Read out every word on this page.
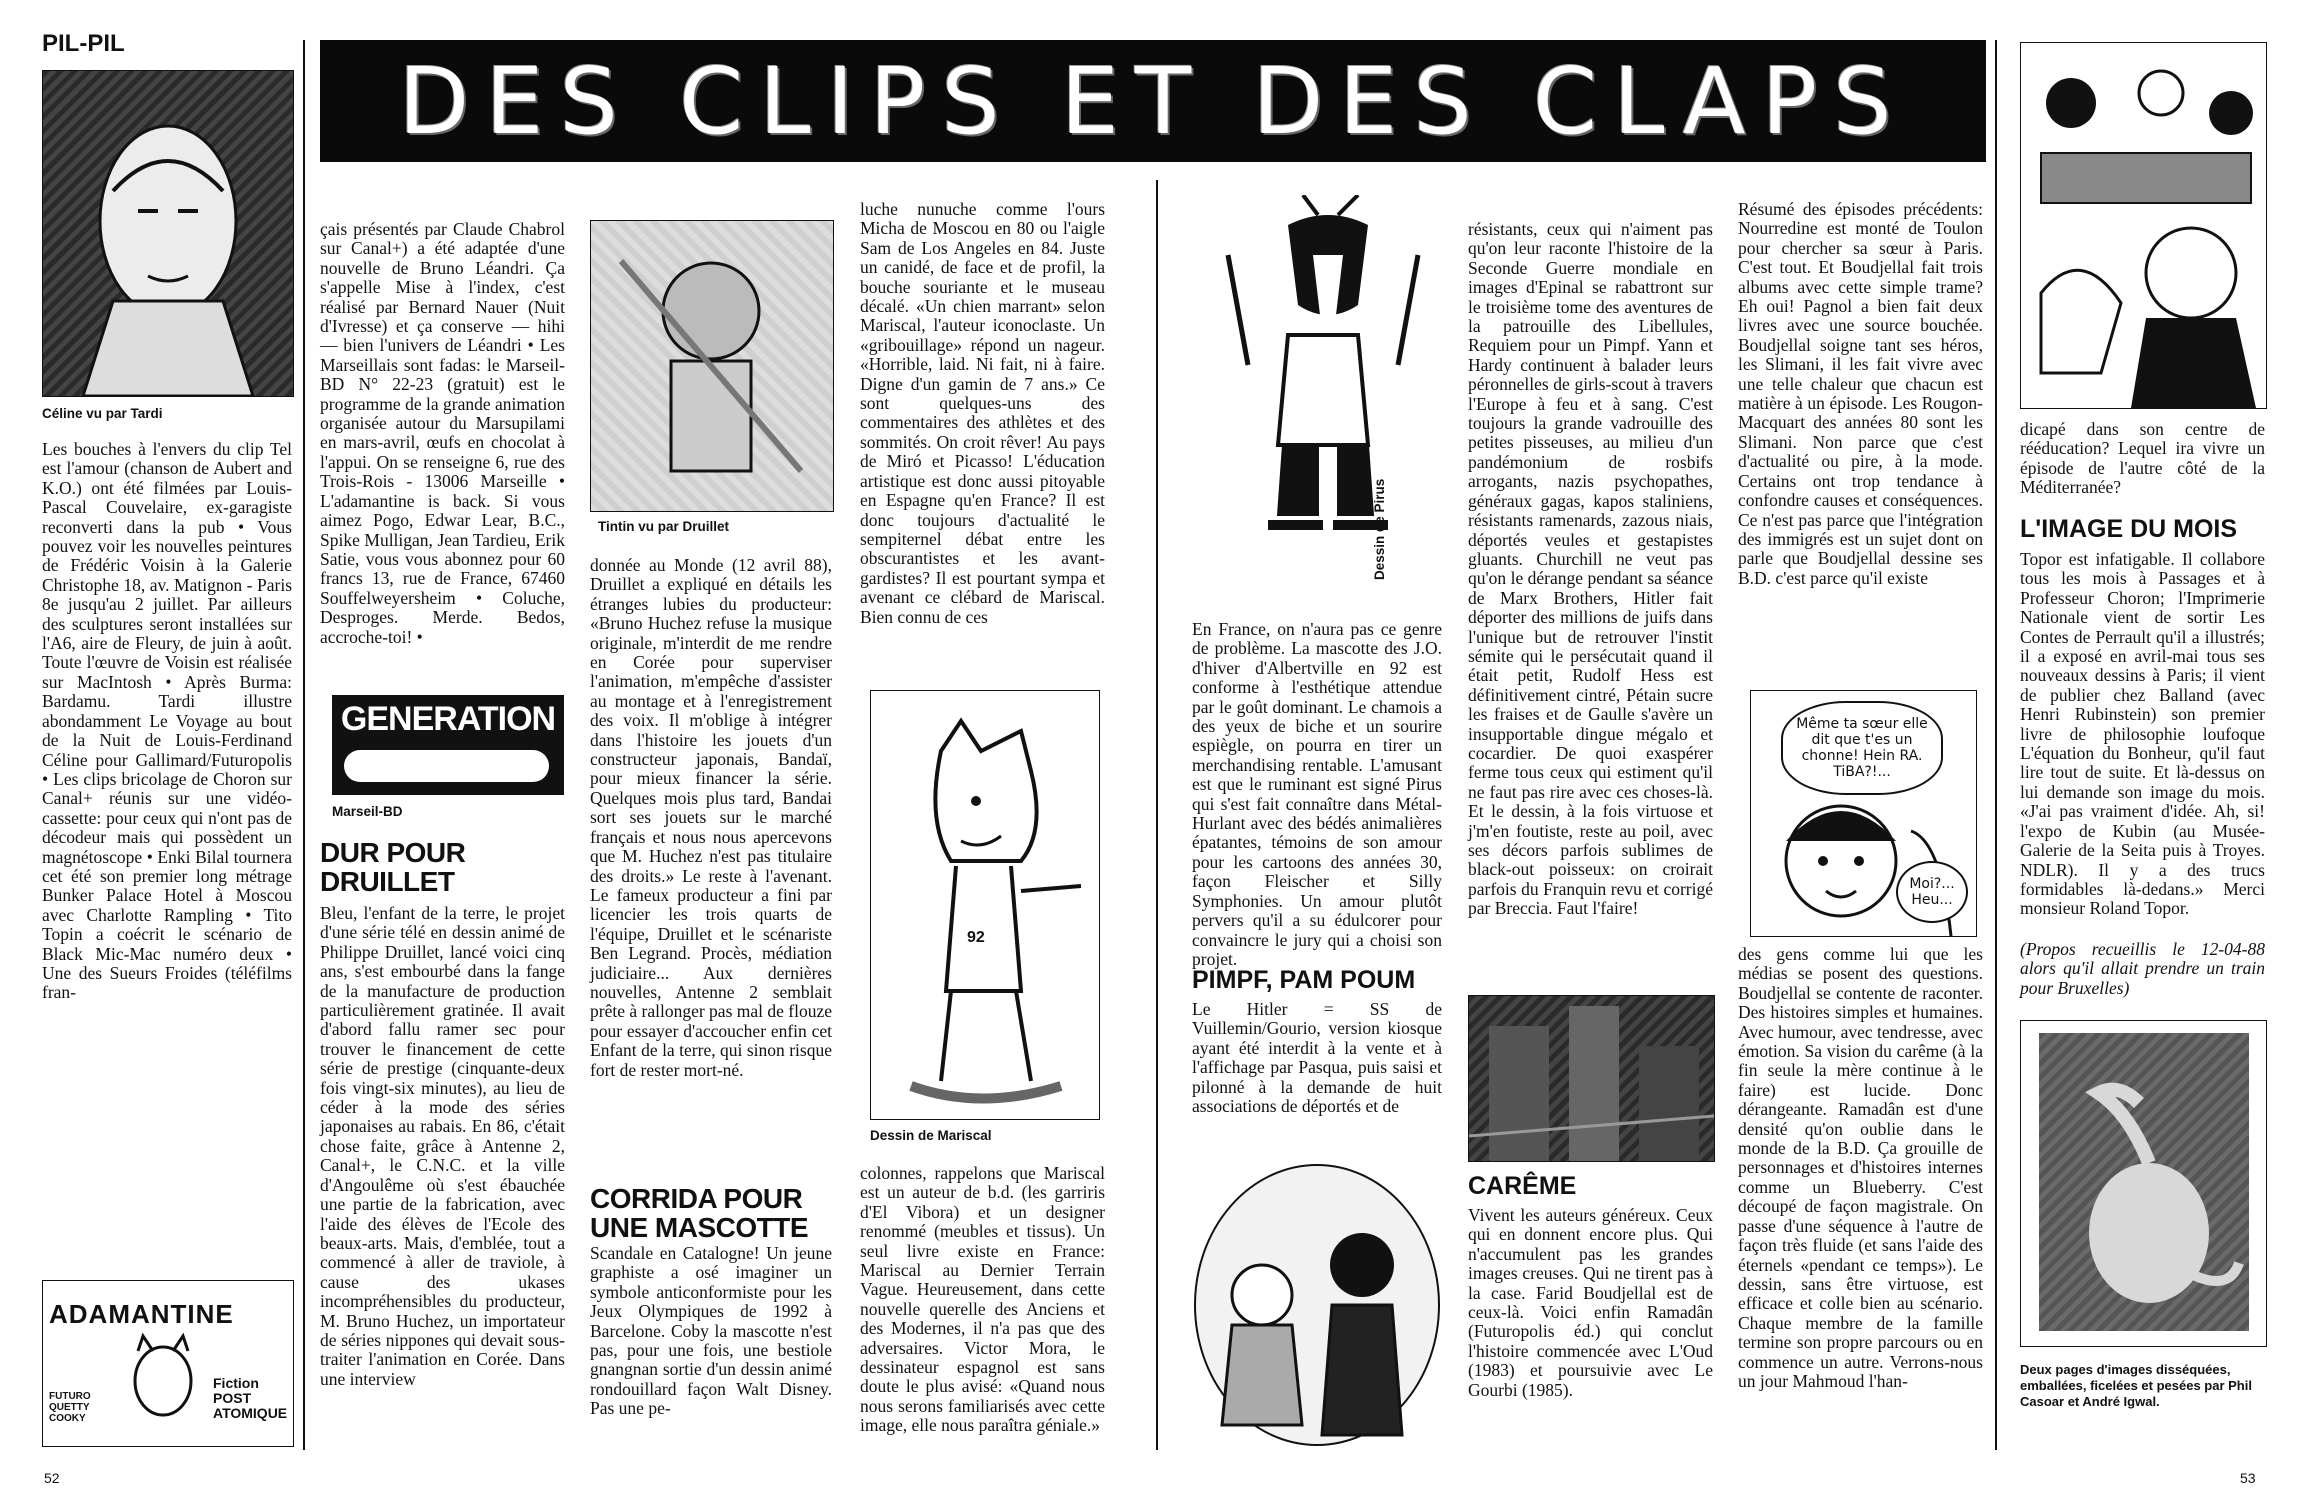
PIL-PIL
DES CLIPS ET DES CLAPS
Céline vu par Tardi
Les bouches à l'envers du clip Tel est l'amour (chanson de Aubert and K.O.) ont été filmées par Louis-Pascal Couvelaire, ex-garagiste reconverti dans la pub • Vous pouvez voir les nouvelles peintures de Frédéric Voisin à la Galerie Christophe 18, av. Matignon - Paris 8e jusqu'au 2 juillet. Par ailleurs des sculptures seront installées sur l'A6, aire de Fleury, de juin à août. Toute l'œuvre de Voisin est réalisée sur MacIntosh • Après Burma: Bardamu. Tardi illustre abondamment Le Voyage au bout de la Nuit de Louis-Ferdinand Céline pour Gallimard/Futuropolis • Les clips bricolage de Choron sur Canal+ réunis sur une vidéo-cassette: pour ceux qui n'ont pas de décodeur mais qui possèdent un magnétoscope • Enki Bilal tournera cet été son premier long métrage Bunker Palace Hotel à Moscou avec Charlotte Rampling • Tito Topin a coécrit le scénario de Black Mic-Mac numéro deux • Une des Sueurs Froides (téléfilms fran-
ADAMANTINE
Fiction POST ATOMIQUE
FUTURO QUETTY COOKY
çais présentés par Claude Chabrol sur Canal+) a été adaptée d'une nouvelle de Bruno Léandri. Ça s'appelle Mise à l'index, c'est réalisé par Bernard Nauer (Nuit d'Ivresse) et ça conserve — hihi — bien l'univers de Léandri • Les Marseillais sont fadas: le Marseil-BD N° 22-23 (gratuit) est le programme de la grande animation organisée autour du Marsupilami en mars-avril, œufs en chocolat à l'appui. On se renseigne 6, rue des Trois-Rois - 13006 Marseille • L'adamantine is back. Si vous aimez Pogo, Edwar Lear, B.C., Spike Mulligan, Jean Tardieu, Erik Satie, vous vous abonnez pour 60 francs 13, rue de France, 67460 Souffelweyersheim • Coluche, Desproges. Merde. Bedos, accroche-toi! •
GENERATION
Marseil-BD
DUR POUR DRUILLET
Bleu, l'enfant de la terre, le projet d'une série télé en dessin animé de Philippe Druillet, lancé voici cinq ans, s'est embourbé dans la fange de la manufacture de production particulièrement gratinée. Il avait d'abord fallu ramer sec pour trouver le financement de cette série de prestige (cinquante-deux fois vingt-six minutes), au lieu de céder à la mode des séries japonaises au rabais. En 86, c'était chose faite, grâce à Antenne 2, Canal+, le C.N.C. et la ville d'Angoulême où s'est ébauchée une partie de la fabrication, avec l'aide des élèves de l'Ecole des beaux-arts. Mais, d'emblée, tout a commencé à aller de traviole, à cause des ukases incompréhensibles du producteur, M. Bruno Huchez, un importateur de séries nippones qui devait sous-traiter l'animation en Corée. Dans une interview
Tintin vu par Druillet
donnée au Monde (12 avril 88), Druillet a expliqué en détails les étranges lubies du producteur: «Bruno Huchez refuse la musique originale, m'interdit de me rendre en Corée pour superviser l'animation, m'empêche d'assister au montage et à l'enregistrement des voix. Il m'oblige à intégrer dans l'histoire les jouets d'un constructeur japonais, Bandaï, pour mieux financer la série. Quelques mois plus tard, Bandai sort ses jouets sur le marché français et nous nous apercevons que M. Huchez n'est pas titulaire des droits.» Le reste à l'avenant. Le fameux producteur a fini par licencier les trois quarts de l'équipe, Druillet et le scénariste Ben Legrand. Procès, médiation judiciaire... Aux dernières nouvelles, Antenne 2 semblait prête à rallonger pas mal de flouze pour essayer d'accoucher enfin cet Enfant de la terre, qui sinon risque fort de rester mort-né.
CORRIDA POUR UNE MASCOTTE
Scandale en Catalogne! Un jeune graphiste a osé imaginer un symbole anticonformiste pour les Jeux Olympiques de 1992 à Barcelone. Coby la mascotte n'est pas, pour une fois, une bestiole gnangnan sortie d'un dessin animé rondouillard façon Walt Disney. Pas une pe-
luche nunuche comme l'ours Micha de Moscou en 80 ou l'aigle Sam de Los Angeles en 84. Juste un canidé, de face et de profil, la bouche souriante et le museau décalé. «Un chien marrant» selon Mariscal, l'auteur iconoclaste. Un «gribouillage» répond un nageur. «Horrible, laid. Ni fait, ni à faire. Digne d'un gamin de 7 ans.» Ce sont quelques-uns des commentaires des athlètes et des sommités. On croit rêver! Au pays de Miró et Picasso! L'éducation artistique est donc aussi pitoyable en Espagne qu'en France? Il est donc toujours d'actualité le sempiternel débat entre les obscurantistes et les avant-gardistes? Il est pourtant sympa et avenant ce clébard de Mariscal. Bien connu de ces
92
Dessin de Mariscal
colonnes, rappelons que Mariscal est un auteur de b.d. (les garriris d'El Vibora) et un designer renommé (meubles et tissus). Un seul livre existe en France: Mariscal au Dernier Terrain Vague. Heureusement, dans cette nouvelle querelle des Anciens et des Modernes, il n'a pas que des adversaires. Victor Mora, le dessinateur espagnol est sans doute le plus avisé: «Quand nous nous serons familiarisés avec cette image, elle nous paraîtra géniale.»
Dessin de Pirus
En France, on n'aura pas ce genre de problème. La mascotte des J.O. d'hiver d'Albertville en 92 est conforme à l'esthétique attendue par le goût dominant. Le chamois a des yeux de biche et un sourire espiègle, on pourra en tirer un merchandising rentable. L'amusant est que le ruminant est signé Pirus qui s'est fait connaître dans Métal-Hurlant avec des bédés animalières épatantes, témoins de son amour pour les cartoons des années 30, façon Fleischer et Silly Symphonies. Un amour plutôt pervers qu'il a su édulcorer pour convaincre le jury qui a choisi son projet.
PIMPF, PAM POUM
Le Hitler = SS de Vuillemin/Gourio, version kiosque ayant été interdit à la vente et à l'affichage par Pasqua, puis saisi et pilonné à la demande de huit associations de déportés et de
résistants, ceux qui n'aiment pas qu'on leur raconte l'histoire de la Seconde Guerre mondiale en images d'Epinal se rabattront sur le troisième tome des aventures de la patrouille des Libellules, Requiem pour un Pimpf. Yann et Hardy continuent à balader leurs péronnelles de girls-scout à travers l'Europe à feu et à sang. C'est toujours la grande vadrouille des petites pisseuses, au milieu d'un pandémonium de rosbifs arrogants, nazis psychopathes, généraux gagas, kapos staliniens, résistants ramenards, zazous niais, déportés veules et gestapistes gluants. Churchill ne veut pas qu'on le dérange pendant sa séance de Marx Brothers, Hitler fait déporter des millions de juifs dans l'unique but de retrouver l'instit sémite qui le persécutait quand il était petit, Rudolf Hess est définitivement cintré, Pétain sucre les fraises et de Gaulle s'avère un insupportable dingue mégalo et cocardier. De quoi exaspérer ferme tous ceux qui estiment qu'il ne faut pas rire avec ces choses-là. Et le dessin, à la fois virtuose et j'm'en foutiste, reste au poil, avec ses décors parfois sublimes de black-out poisseux: on croirait parfois du Franquin revu et corrigé par Breccia. Faut l'faire!
CARÊME
Vivent les auteurs généreux. Ceux qui en donnent encore plus. Qui n'accumulent pas les grandes images creuses. Qui ne tirent pas à la case. Farid Boudjellal est de ceux-là. Voici enfin Ramadân (Futuropolis éd.) qui conclut l'histoire commencée avec L'Oud (1983) et poursuivie avec Le Gourbi (1985).
Résumé des épisodes précédents: Nourredine est monté de Toulon pour chercher sa sœur à Paris. C'est tout. Et Boudjellal fait trois albums avec cette simple trame? Eh oui! Pagnol a bien fait deux livres avec une source bouchée. Boudjellal soigne tant ses héros, les Slimani, il les fait vivre avec une telle chaleur que chacun est matière à un épisode. Les Rougon-Macquart des années 80 sont les Slimani. Non parce que c'est d'actualité ou pire, à la mode. Certains ont trop tendance à confondre causes et conséquences. Ce n'est pas parce que l'intégration des immigrés est un sujet dont on parle que Boudjellal dessine ses B.D. c'est parce qu'il existe
Même ta sœur elle dit que t'es un chonne! Hein RA. TiBA?!...
Moi?... Heu...
des gens comme lui que les médias se posent des questions. Boudjellal se contente de raconter. Des histoires simples et humaines. Avec humour, avec tendresse, avec émotion. Sa vision du carême (à la fin seule la mère continue à le faire) est lucide. Donc dérangeante. Ramadân est d'une densité qu'on oublie dans le monde de la B.D. Ça grouille de personnages et d'histoires internes comme un Blueberry. C'est découpé de façon magistrale. On passe d'une séquence à l'autre de façon très fluide (et sans l'aide des éternels «pendant ce temps»). Le dessin, sans être virtuose, est efficace et colle bien au scénario. Chaque membre de la famille termine son propre parcours ou en commence un autre. Verrons-nous un jour Mahmoud l'han-
dicapé dans son centre de rééducation? Lequel ira vivre un épisode de l'autre côté de la Méditerranée?
L'IMAGE DU MOIS
Topor est infatigable. Il collabore tous les mois à Passages et à Professeur Choron; l'Imprimerie Nationale vient de sortir Les Contes de Perrault qu'il a illustrés; il a exposé en avril-mai tous ses nouveaux dessins à Paris; il vient de publier chez Balland (avec Henri Rubinstein) son premier livre de philosophie loufoque L'équation du Bonheur, qu'il faut lire tout de suite. Et là-dessus on lui demande son image du mois. «J'ai pas vraiment d'idée. Ah, si! l'expo de Kubin (au Musée-Galerie de la Seita puis à Troyes. NDLR). Il y a des trucs formidables là-dedans.» Merci monsieur Roland Topor.
(Propos recueillis le 12-04-88 alors qu'il allait prendre un train pour Bruxelles)
Deux pages d'images disséquées, emballées, ficelées et pesées par Phil Casoar et André Igwal.
52	53
